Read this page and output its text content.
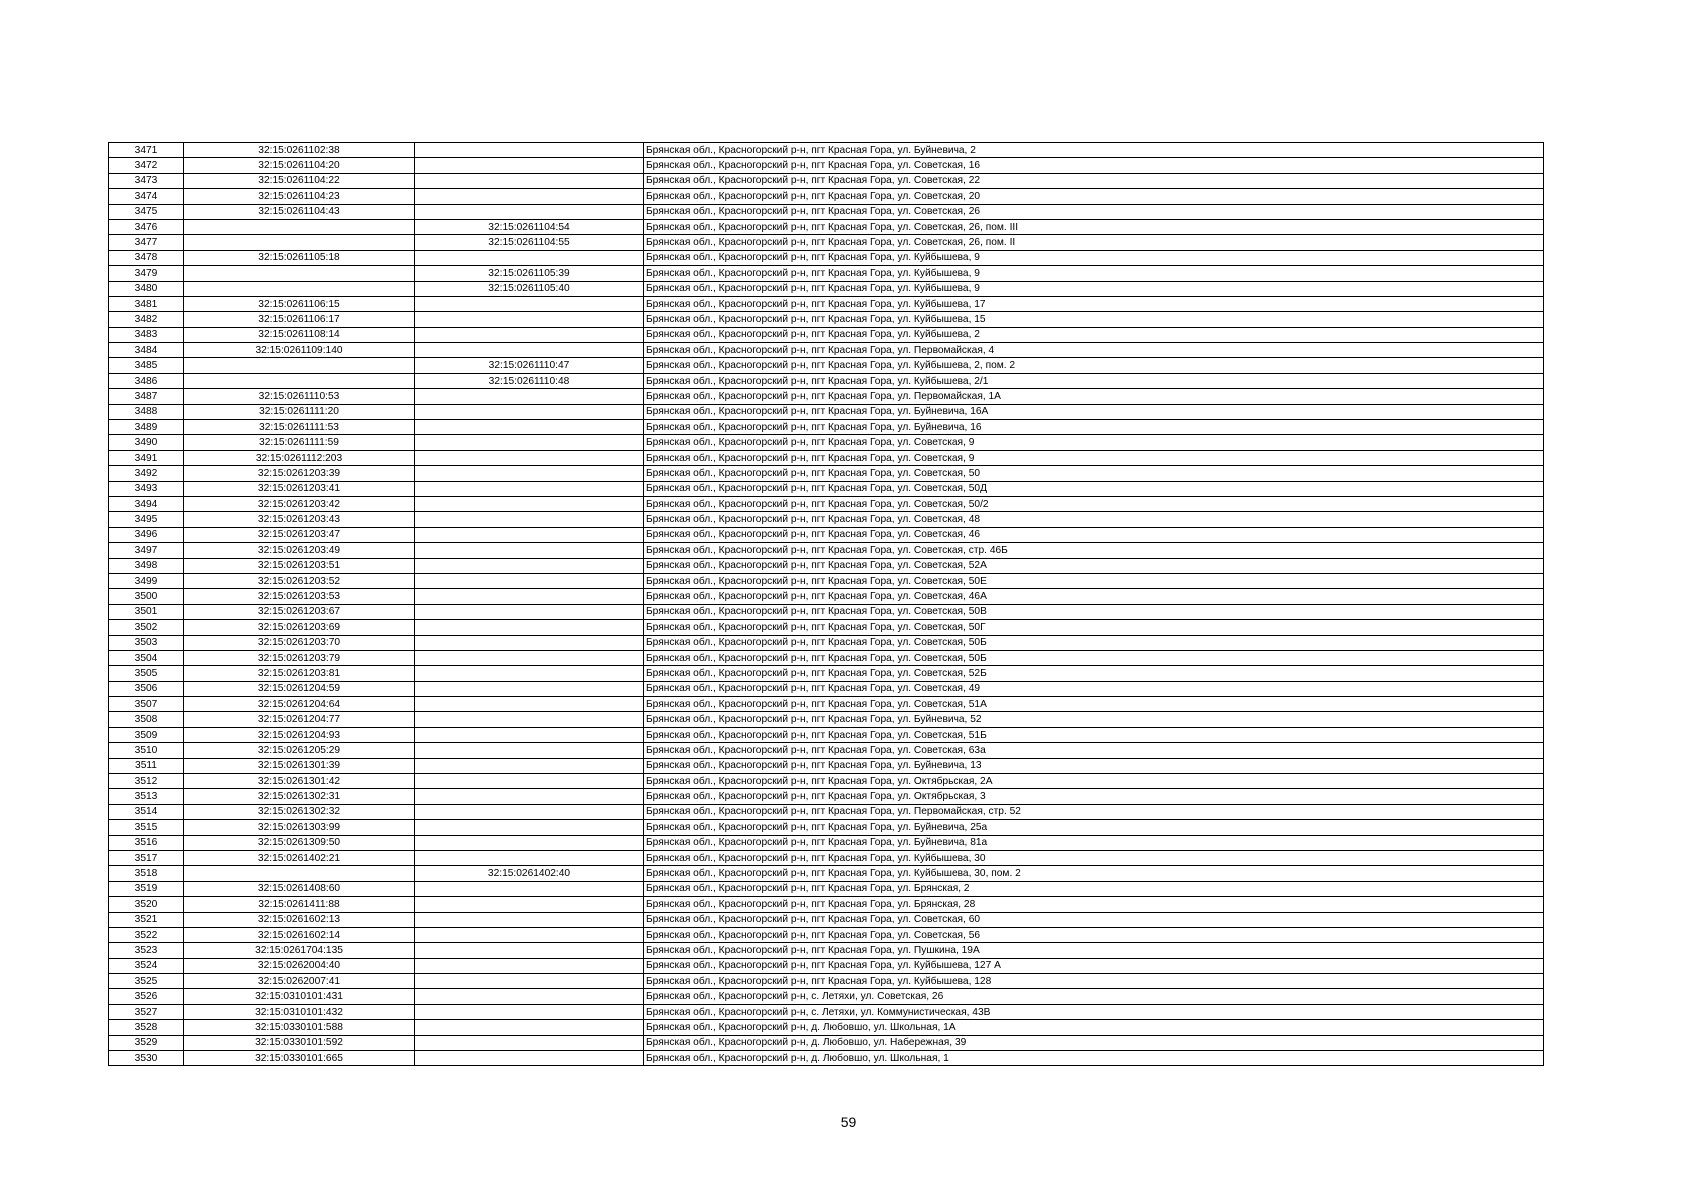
3471	32:15:0261102:38		Брянская обл., Красногорский р-н, пгт Красная Гора, ул. Буйневича, 2
3472	32:15:0261104:20		Брянская обл., Красногорский р-н, пгт Красная Гора, ул. Советская, 16
3473	32:15:0261104:22		Брянская обл., Красногорский р-н, пгт Красная Гора, ул. Советская, 22
3474	32:15:0261104:23		Брянская обл., Красногорский р-н, пгт Красная Гора, ул. Советская, 20
3475	32:15:0261104:43		Брянская обл., Красногорский р-н, пгт Красная Гора, ул. Советская, 26
3476		32:15:0261104:54	Брянская обл., Красногорский р-н, пгт Красная Гора, ул. Советская, 26, пом. III
3477		32:15:0261104:55	Брянская обл., Красногорский р-н, пгт Красная Гора, ул. Советская, 26, пом. II
3478	32:15:0261105:18		Брянская обл., Красногорский р-н, пгт Красная Гора, ул. Куйбышева, 9
3479		32:15:0261105:39	Брянская обл., Красногорский р-н, пгт Красная Гора, ул. Куйбышева, 9
3480		32:15:0261105:40	Брянская обл., Красногорский р-н, пгт Красная Гора, ул. Куйбышева, 9
3481	32:15:0261106:15		Брянская обл., Красногорский р-н, пгт Красная Гора, ул. Куйбышева, 17
3482	32:15:0261106:17		Брянская обл., Красногорский р-н, пгт Красная Гора, ул. Куйбышева, 15
3483	32:15:0261108:14		Брянская обл., Красногорский р-н, пгт Красная Гора, ул. Куйбышева, 2
3484	32:15:0261109:140		Брянская обл., Красногорский р-н, пгт Красная Гора, ул. Первомайская, 4
3485		32:15:0261110:47	Брянская обл., Красногорский р-н, пгт Красная Гора, ул. Куйбышева, 2, пом. 2
3486		32:15:0261110:48	Брянская обл., Красногорский р-н, пгт Красная Гора, ул. Куйбышева, 2/1
3487	32:15:0261110:53		Брянская обл., Красногорский р-н, пгт Красная Гора, ул. Первомайская, 1А
3488	32:15:0261111:20		Брянская обл., Красногорский р-н, пгт Красная Гора, ул. Буйневича, 16А
3489	32:15:0261111:53		Брянская обл., Красногорский р-н, пгт Красная Гора, ул. Буйневича, 16
3490	32:15:0261111:59		Брянская обл., Красногорский р-н, пгт Красная Гора, ул. Советская, 9
3491	32:15:0261112:203		Брянская обл., Красногорский р-н, пгт Красная Гора, ул. Советская, 9
3492	32:15:0261203:39		Брянская обл., Красногорский р-н, пгт Красная Гора, ул. Советская, 50
3493	32:15:0261203:41		Брянская обл., Красногорский р-н, пгт Красная Гора, ул. Советская, 50Д
3494	32:15:0261203:42		Брянская обл., Красногорский р-н, пгт Красная Гора, ул. Советская, 50/2
3495	32:15:0261203:43		Брянская обл., Красногорский р-н, пгт Красная Гора, ул. Советская, 48
3496	32:15:0261203:47		Брянская обл., Красногорский р-н, пгт Красная Гора, ул. Советская, 46
3497	32:15:0261203:49		Брянская обл., Красногорский р-н, пгт Красная Гора, ул. Советская, стр. 46Б
3498	32:15:0261203:51		Брянская обл., Красногорский р-н, пгт Красная Гора, ул. Советская, 52А
3499	32:15:0261203:52		Брянская обл., Красногорский р-н, пгт Красная Гора, ул. Советская, 50Е
3500	32:15:0261203:53		Брянская обл., Красногорский р-н, пгт Красная Гора, ул. Советская, 46А
3501	32:15:0261203:67		Брянская обл., Красногорский р-н, пгт Красная Гора, ул. Советская, 50В
3502	32:15:0261203:69		Брянская обл., Красногорский р-н, пгт Красная Гора, ул. Советская, 50Г
3503	32:15:0261203:70		Брянская обл., Красногорский р-н, пгт Красная Гора, ул. Советская, 50Б
3504	32:15:0261203:79		Брянская обл., Красногорский р-н, пгт Красная Гора, ул. Советская, 50Б
3505	32:15:0261203:81		Брянская обл., Красногорский р-н, пгт Красная Гора, ул. Советская, 52Б
3506	32:15:0261204:59		Брянская обл., Красногорский р-н, пгт Красная Гора, ул. Советская, 49
3507	32:15:0261204:64		Брянская обл., Красногорский р-н, пгт Красная Гора, ул. Советская, 51А
3508	32:15:0261204:77		Брянская обл., Красногорский р-н, пгт Красная Гора, ул. Буйневича, 52
3509	32:15:0261204:93		Брянская обл., Красногорский р-н, пгт Красная Гора, ул. Советская, 51Б
3510	32:15:0261205:29		Брянская обл., Красногорский р-н, пгт Красная Гора, ул. Советская, 63а
3511	32:15:0261301:39		Брянская обл., Красногорский р-н, пгт Красная Гора, ул. Буйневича, 13
3512	32:15:0261301:42		Брянская обл., Красногорский р-н, пгт Красная Гора, ул. Октябрьская, 2А
3513	32:15:0261302:31		Брянская обл., Красногорский р-н, пгт Красная Гора, ул. Октябрьская, 3
3514	32:15:0261302:32		Брянская обл., Красногорский р-н, пгт Красная Гора, ул. Первомайская, стр. 52
3515	32:15:0261303:99		Брянская обл., Красногорский р-н, пгт Красная Гора, ул. Буйневича, 25а
3516	32:15:0261309:50		Брянская обл., Красногорский р-н, пгт Красная Гора, ул. Буйневича, 81а
3517	32:15:0261402:21		Брянская обл., Красногорский р-н, пгт Красная Гора, ул. Куйбышева, 30
3518		32:15:0261402:40	Брянская обл., Красногорский р-н, пгт Красная Гора, ул. Куйбышева, 30, пом. 2
3519	32:15:0261408:60		Брянская обл., Красногорский р-н, пгт Красная Гора, ул. Брянская, 2
3520	32:15:0261411:88		Брянская обл., Красногорский р-н, пгт Красная Гора, ул. Брянская, 28
3521	32:15:0261602:13		Брянская обл., Красногорский р-н, пгт Красная Гора, ул. Советская, 60
3522	32:15:0261602:14		Брянская обл., Красногорский р-н, пгт Красная Гора, ул. Советская, 56
3523	32:15:0261704:135		Брянская обл., Красногорский р-н, пгт Красная Гора, ул. Пушкина, 19А
3524	32:15:0262004:40		Брянская обл., Красногорский р-н, пгт Красная Гора, ул. Куйбышева, 127 А
3525	32:15:0262007:41		Брянская обл., Красногорский р-н, пгт Красная Гора, ул. Куйбышева, 128
3526	32:15:0310101:431		Брянская обл., Красногорский р-н, с. Летяхи, ул. Советская, 26
3527	32:15:0310101:432		Брянская обл., Красногорский р-н, с. Летяхи, ул. Коммунистическая, 43В
3528	32:15:0330101:588		Брянская обл., Красногорский р-н, д. Любовшо, ул. Школьная, 1А
3529	32:15:0330101:592		Брянская обл., Красногорский р-н, д. Любовшо, ул. Набережная, 39
3530	32:15:0330101:665		Брянская обл., Красногорский р-н, д. Любовшо, ул. Школьная, 1
59
